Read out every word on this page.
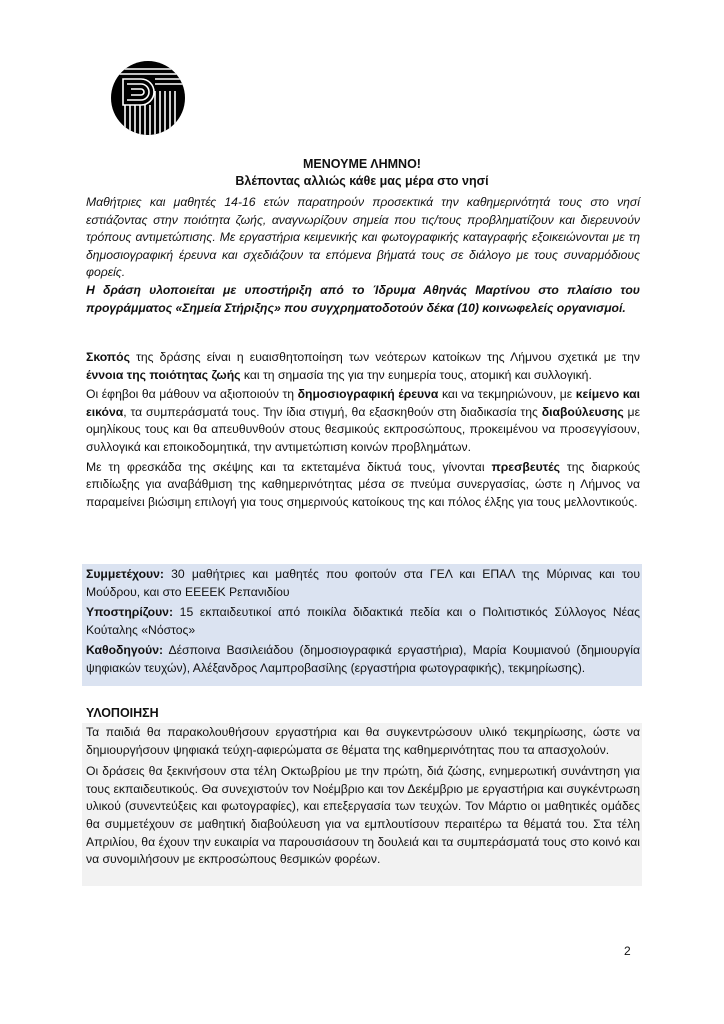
ΜΕΝΟΥΜΕ ΛΗΜΝΟ!
Βλέποντας αλλιώς κάθε μας μέρα στο νησί

Μαθήτριες και μαθητές 14-16 ετών παρατηρούν προσεκτικά την καθημερινότητά τους στο νησί εστιάζοντας στην ποιότητα ζωής, αναγνωρίζουν σημεία που τις/τους προβληματίζουν και διερευνούν τρόπους αντιμετώπισης. Με εργαστήρια κειμενικής και φωτογραφικής καταγραφής εξοικειώνονται με τη δημοσιογραφική έρευνα και σχεδιάζουν τα επόμενα βήματά τους σε διάλογο με τους συναρμόδιους φορείς.

Η δράση υλοποιείται με υποστήριξη από το Ίδρυμα Αθηνάς Μαρτίνου στο πλαίσιο του προγράμματος «Σημεία Στήριξης» που συγχρηματοδοτούν δέκα (10) κοινωφελείς οργανισμοί.

Σκοπός της δράσης είναι η ευαισθητοποίηση των νεότερων κατοίκων της Λήμνου σχετικά με την έννοια της ποιότητας ζωής και τη σημασία της για την ευημερία τους, ατομική και συλλογική.

Οι έφηβοι θα μάθουν να αξιοποιούν τη δημοσιογραφική έρευνα και να τεκμηριώνουν, με κείμενο και εικόνα, τα συμπεράσματά τους. Την ίδια στιγμή, θα εξασκηθούν στη διαδικασία της διαβούλευσης με ομηλίκους τους και θα απευθυνθούν στους θεσμικούς εκπροσώπους, προκειμένου να προσεγγίσουν, συλλογικά και εποικοδομητικά, την αντιμετώπιση κοινών προβλημάτων.

Με τη φρεσκάδα της σκέψης και τα εκτεταμένα δίκτυά τους, γίνονται πρεσβευτές της διαρκούς επιδίωξης για αναβάθμιση της καθημερινότητας μέσα σε πνεύμα συνεργασίας, ώστε η Λήμνος να παραμείνει βιώσιμη επιλογή για τους σημερινούς κατοίκους της και πόλος έλξης για τους μελλοντικούς.

Συμμετέχουν: 30 μαθήτριες και μαθητές που φοιτούν στα ΓΕΛ και ΕΠΑΛ της Μύρινας και του Μούδρου, και στο ΕΕΕΕΚ Ρεπανιδίου

Υποστηρίζουν: 15 εκπαιδευτικοί από ποικίλα διδακτικά πεδία και ο Πολιτιστικός Σύλλογος Νέας Κούταλης «Νόστος»

Καθοδηγούν: Δέσποινα Βασιλειάδου (δημοσιογραφικά εργαστήρια), Μαρία Κουμιανού (δημιουργία ψηφιακών τευχών), Αλέξανδρος Λαμπροβασίλης (εργαστήρια φωτογραφικής), τεκμηρίωσης).

ΥΛΟΠΟΙΗΣΗ

Τα παιδιά θα παρακολουθήσουν εργαστήρια και θα συγκεντρώσουν υλικό τεκμηρίωσης, ώστε να δημιουργήσουν ψηφιακά τεύχη-αφιερώματα σε θέματα της καθημερινότητας που τα απασχολούν.

Οι δράσεις θα ξεκινήσουν στα τέλη Οκτωβρίου με την πρώτη, διά ζώσης, ενημερωτική συνάντηση για τους εκπαιδευτικούς. Θα συνεχιστούν τον Νοέμβριο και τον Δεκέμβριο με εργαστήρια και συγκέντρωση υλικού (συνεντεύξεις και φωτογραφίες), και επεξεργασία των τευχών. Τον Μάρτιο οι μαθητικές ομάδες θα συμμετέχουν σε μαθητική διαβούλευση για να εμπλουτίσουν περαιτέρω τα θέματά του. Στα τέλη Απριλίου, θα έχουν την ευκαιρία να παρουσιάσουν τη δουλειά και τα συμπεράσματά τους στο κοινό και να συνομιλήσουν με εκπροσώπους θεσμικών φορέων.

2
